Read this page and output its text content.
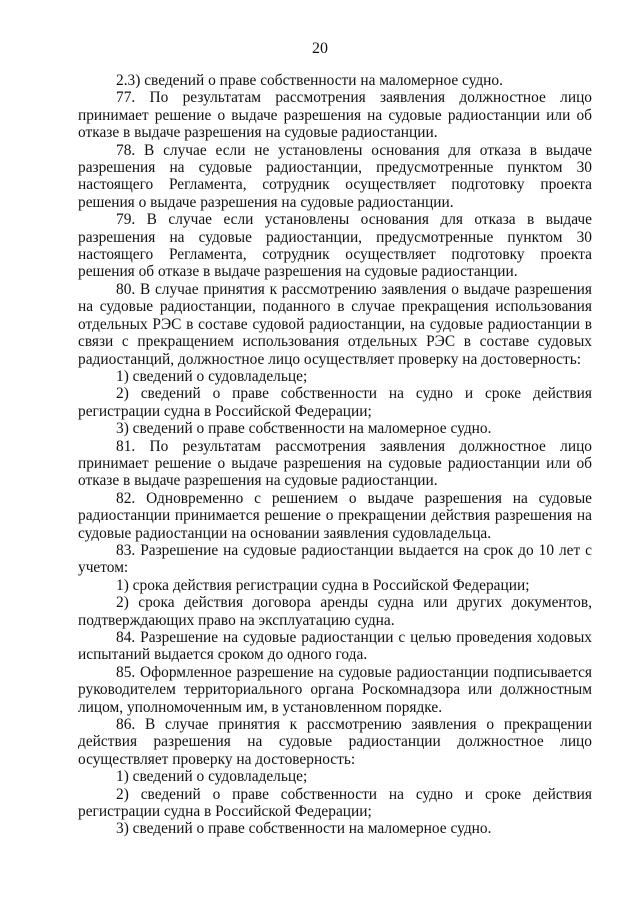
20

2.3) сведений о праве собственности на маломерное судно.

77. По результатам рассмотрения заявления должностное лицо принимает решение о выдаче разрешения на судовые радиостанции или об отказе в выдаче разрешения на судовые радиостанции.

78. В случае если не установлены основания для отказа в выдаче разрешения на судовые радиостанции, предусмотренные пунктом 30 настоящего Регламента, сотрудник осуществляет подготовку проекта решения о выдаче разрешения на судовые радиостанции.

79. В случае если установлены основания для отказа в выдаче разрешения на судовые радиостанции, предусмотренные пунктом 30 настоящего Регламента, сотрудник осуществляет подготовку проекта решения об отказе в выдаче разрешения на судовые радиостанции.

80. В случае принятия к рассмотрению заявления о выдаче разрешения на судовые радиостанции, поданного в случае прекращения использования отдельных РЭС в составе судовой радиостанции, на судовые радиостанции в связи с прекращением использования отдельных РЭС в составе судовых радиостанций, должностное лицо осуществляет проверку на достоверность:

1) сведений о судовладельце;

2) сведений о праве собственности на судно и сроке действия регистрации судна в Российской Федерации;

3) сведений о праве собственности на маломерное судно.

81. По результатам рассмотрения заявления должностное лицо принимает решение о выдаче разрешения на судовые радиостанции или об отказе в выдаче разрешения на судовые радиостанции.

82. Одновременно с решением о выдаче разрешения на судовые радиостанции принимается решение о прекращении действия разрешения на судовые радиостанции на основании заявления судовладельца.

83. Разрешение на судовые радиостанции выдается на срок до 10 лет с учетом:

1) срока действия регистрации судна в Российской Федерации;

2) срока действия договора аренды судна или других документов, подтверждающих право на эксплуатацию судна.

84. Разрешение на судовые радиостанции с целью проведения ходовых испытаний выдается сроком до одного года.

85. Оформленное разрешение на судовые радиостанции подписывается руководителем территориального органа Роскомнадзора или должностным лицом, уполномоченным им, в установленном порядке.

86. В случае принятия к рассмотрению заявления о прекращении действия разрешения на судовые радиостанции должностное лицо осуществляет проверку на достоверность:

1) сведений о судовладельце;

2) сведений о праве собственности на судно и сроке действия регистрации судна в Российской Федерации;

3) сведений о праве собственности на маломерное судно.
